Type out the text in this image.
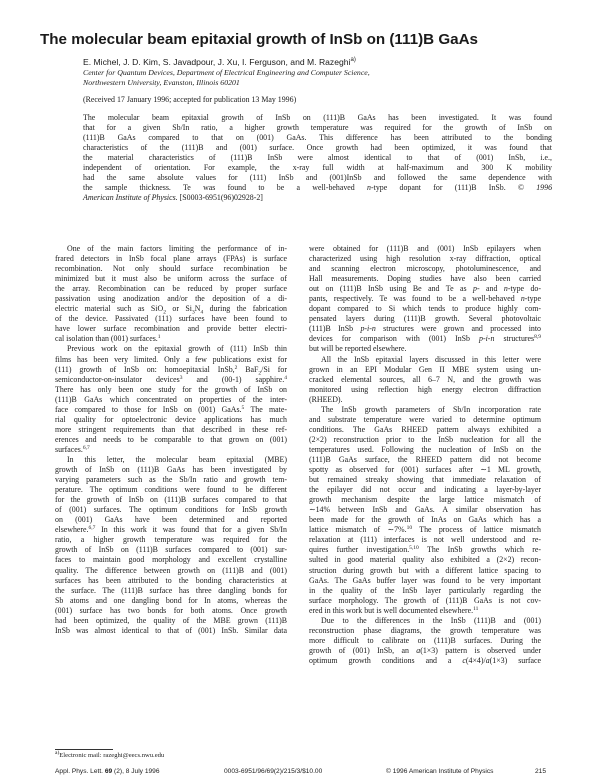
The molecular beam epitaxial growth of InSb on (111)B GaAs
E. Michel, J. D. Kim, S. Javadpour, J. Xu, I. Ferguson, and M. Razeghi$^{a)}$
Center for Quantum Devices, Department of Electrical Engineering and Computer Science,
Northwestern University, Evanston, Illinois 60201
(Received 17 January 1996; accepted for publication 13 May 1996)
The molecular beam epitaxial growth of InSb on (111)B GaAs has been investigated. It was found
that for a given Sb/In ratio, a higher growth temperature was required for the growth of InSb on
(111)B GaAs compared to that on (001) GaAs. This difference has been attributed to the bonding
characteristics of the (111)B and (001) surface. Once growth had been optimized, it was found that
the material characteristics of (111)B InSb were almost identical to that of (001) InSb, i.e.,
independent of orientation. For example, the x-ray full width at half-maximum and 300 K mobility
had the same absolute values for (111) InSb and (001)InSb and followed the same dependence with
the sample thickness. Te was found to be a well-behaved n-type dopant for (111)B InSb. © 1996
American Institute of Physics. [S0003-6951(96)02928-2]
One of the main factors limiting the performance of in-
frared detectors in InSb focal plane arrays (FPAs) is surface
recombination. Not only should surface recombination be
minimized but it must also be uniform across the surface of
the array. Recombination can be reduced by proper surface
passivation using anodization and/or the deposition of a di-
electric material such as SiO$_2$ or $Si_3N_4$ during the fabrication
of the device. Passivated (111) surfaces have been found to
have lower surface recombination and provide better electri-
cal isolation than (001) surfaces.$^1$
Previous work on the epitaxial growth of (111) InSb thin
films has been very limited. Only a few publications exist for
(111) growth of InSb on: homoepitaxial InSb,$^2$ BaF$_2$/Si for
semiconductor-on-insulator devices$^3$ and (00-1) sapphire.$^4$
There has only been one study for the growth of InSb on
(111)B GaAs which concentrated on properties of the inter-
face compared to those for InSb on (001) GaAs.$^5$ The mate-
rial quality for optoelectronic device applications has much
more stringent requirements than that described in these ref-
erences and needs to be comparable to that grown on (001)
surfaces.$^{6,7}$
In this letter, the molecular beam epitaxial (MBE)
growth of InSb on (111)B GaAs has been investigated by
varying parameters such as the Sb/In ratio and growth tem-
perature. The optimum conditions were found to be different
for the growth of InSb on (111)B surfaces compared to that
of (001) surfaces. The optimum conditions for InSb growth
on (001) GaAs have been determined and reported
elsewhere.$^{6,7}$ In this work it was found that for a given Sb/In
ratio, a higher growth temperature was required for the
growth of InSb on (111)B surfaces compared to (001) sur-
faces to maintain good morphology and excellent crystalline
quality. The difference between growth on (111)B and (001)
surfaces has been attributed to the bonding characteristics at
the surface. The (111)B surface has three dangling bonds for
Sb atoms and one dangling bond for In atoms, whereas the
(001) surface has two bonds for both atoms. Once growth
had been optimized, the quality of the MBE grown (111)B
InSb was almost identical to that of (001) InSb. Similar data
were obtained for (111)B and (001) InSb epilayers when
characterized using high resolution x-ray diffraction, optical
and scanning electron microscopy, photoluminescence, and
Hall measurements. Doping studies have also been carried
out on (111)B InSb using Be and Te as p- and n-type do-
pants, respectively. Te was found to be a well-behaved n-type
dopant compared to Si which tends to produce highly com-
pensated layers during (111)B growth. Several photovoltaic
(111)B InSb p-i-n structures were grown and processed into
devices for comparison with (001) InSb p-i-n structures$^{8,9}$
but will be reported elsewhere.
All the InSb epitaxial layers discussed in this letter were
grown in an EPI Modular Gen II MBE system using un-
cracked elemental sources, all 6–7 N, and the growth was
monitored using reflection high energy electron diffraction
(RHEED).
The InSb growth parameters of Sb/In incorporation rate
and substrate temperature were varied to determine optimum
conditions. The GaAs RHEED pattern always exhibited a
(2×2) reconstruction prior to the InSb nucleation for all the
temperatures used. Following the nucleation of InSb on the
(111)B GaAs surface, the RHEED pattern did not become
spotty as observed for (001) surfaces after ∼1 ML growth,
but remained streaky showing that immediate relaxation of
the epilayer did not occur and indicating a layer-by-layer
growth mechanism despite the large lattice mismatch of
∼14% between InSb and GaAs. A similar observation has
been made for the growth of InAs on GaAs which has a
lattice mismatch of ∼7%.$^{10}$ The process of lattice mismatch
relaxation at (111) interfaces is not well understood and re-
quires further investigation.$^{5,10}$ The InSb growths which re-
sulted in good material quality also exhibited a (2×2) recon-
struction during growth but with a different lattice spacing to
GaAs. The GaAs buffer layer was found to be very important
in the quality of the InSb layer particularly regarding the
surface morphology. The growth of (111)B GaAs is not cov-
ered in this work but is well documented elsewhere.$^{11}$
Due to the differences in the InSb (111)B and (001)
reconstruction phase diagrams, the growth temperature was
more difficult to calibrate on (111)B surfaces. During the
growth of (001) InSb, an a(1×3) pattern is observed under
optimum growth conditions and a c(4×4)/a(1×3) surface
$^{a)}$Electronic mail: razeghi@eecs.nwu.edu
Appl. Phys. Lett. 69 (2), 8 July 1996	0003-6951/96/69(2)/215/3/$10.00	© 1996 American Institute of Physics	215
